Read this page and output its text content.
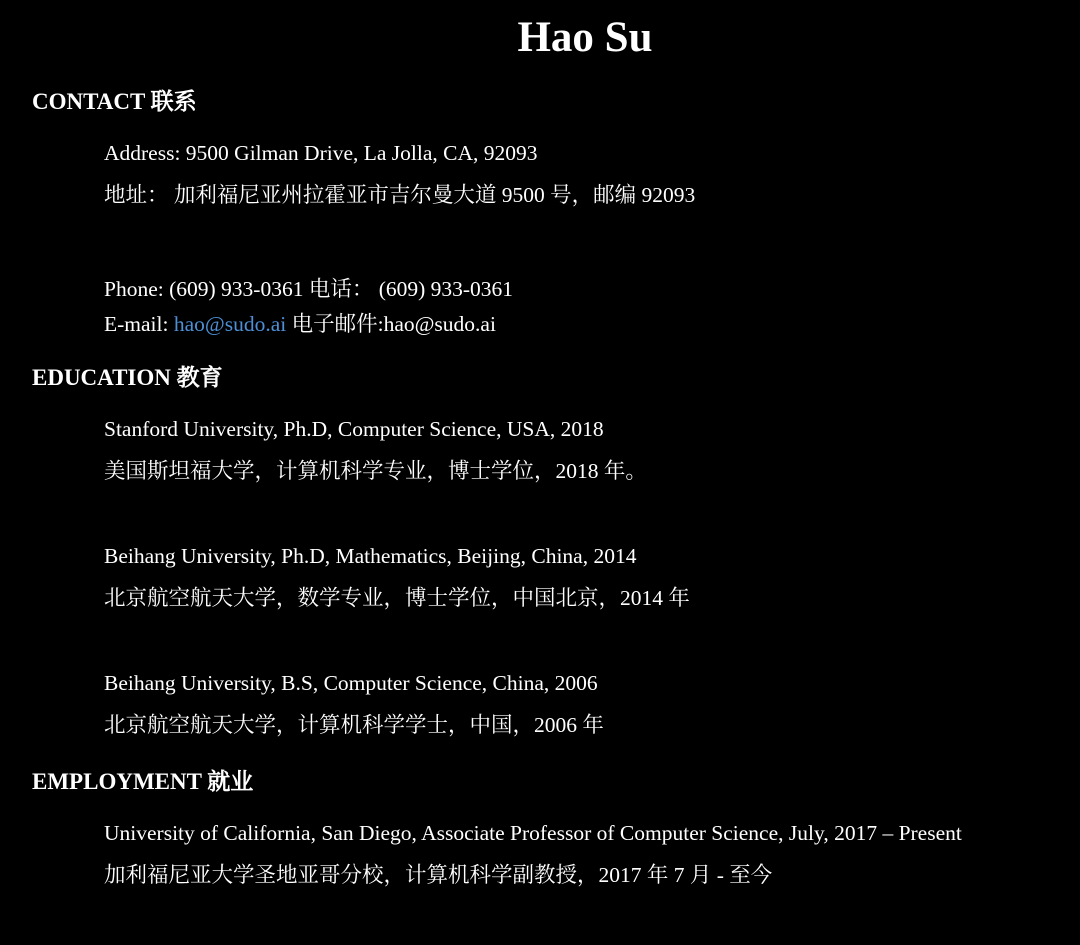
Hao Su
CONTACT 联系
Address: 9500 Gilman Drive, La Jolla, CA, 92093
地址： 加利福尼亚州拉霍亚市吉尔曼大道 9500 号，邮编 92093
Phone: (609) 933-0361 电话： (609) 933-0361
E-mail: hao@sudo.ai 电子邮件:hao@sudo.ai
EDUCATION 教育
Stanford University, Ph.D, Computer Science, USA, 2018
美国斯坦福大学，计算机科学专业，博士学位，2018 年。
Beihang University, Ph.D, Mathematics, Beijing, China, 2014
北京航空航天大学，数学专业，博士学位，中国北京，2014 年
Beihang University, B.S, Computer Science, China, 2006
北京航空航天大学，计算机科学学士，中国，2006 年
EMPLOYMENT 就业
University of California, San Diego, Associate Professor of Computer Science, July, 2017 – Present
加利福尼亚大学圣地亚哥分校，计算机科学副教授，2017 年 7 月 - 至今
